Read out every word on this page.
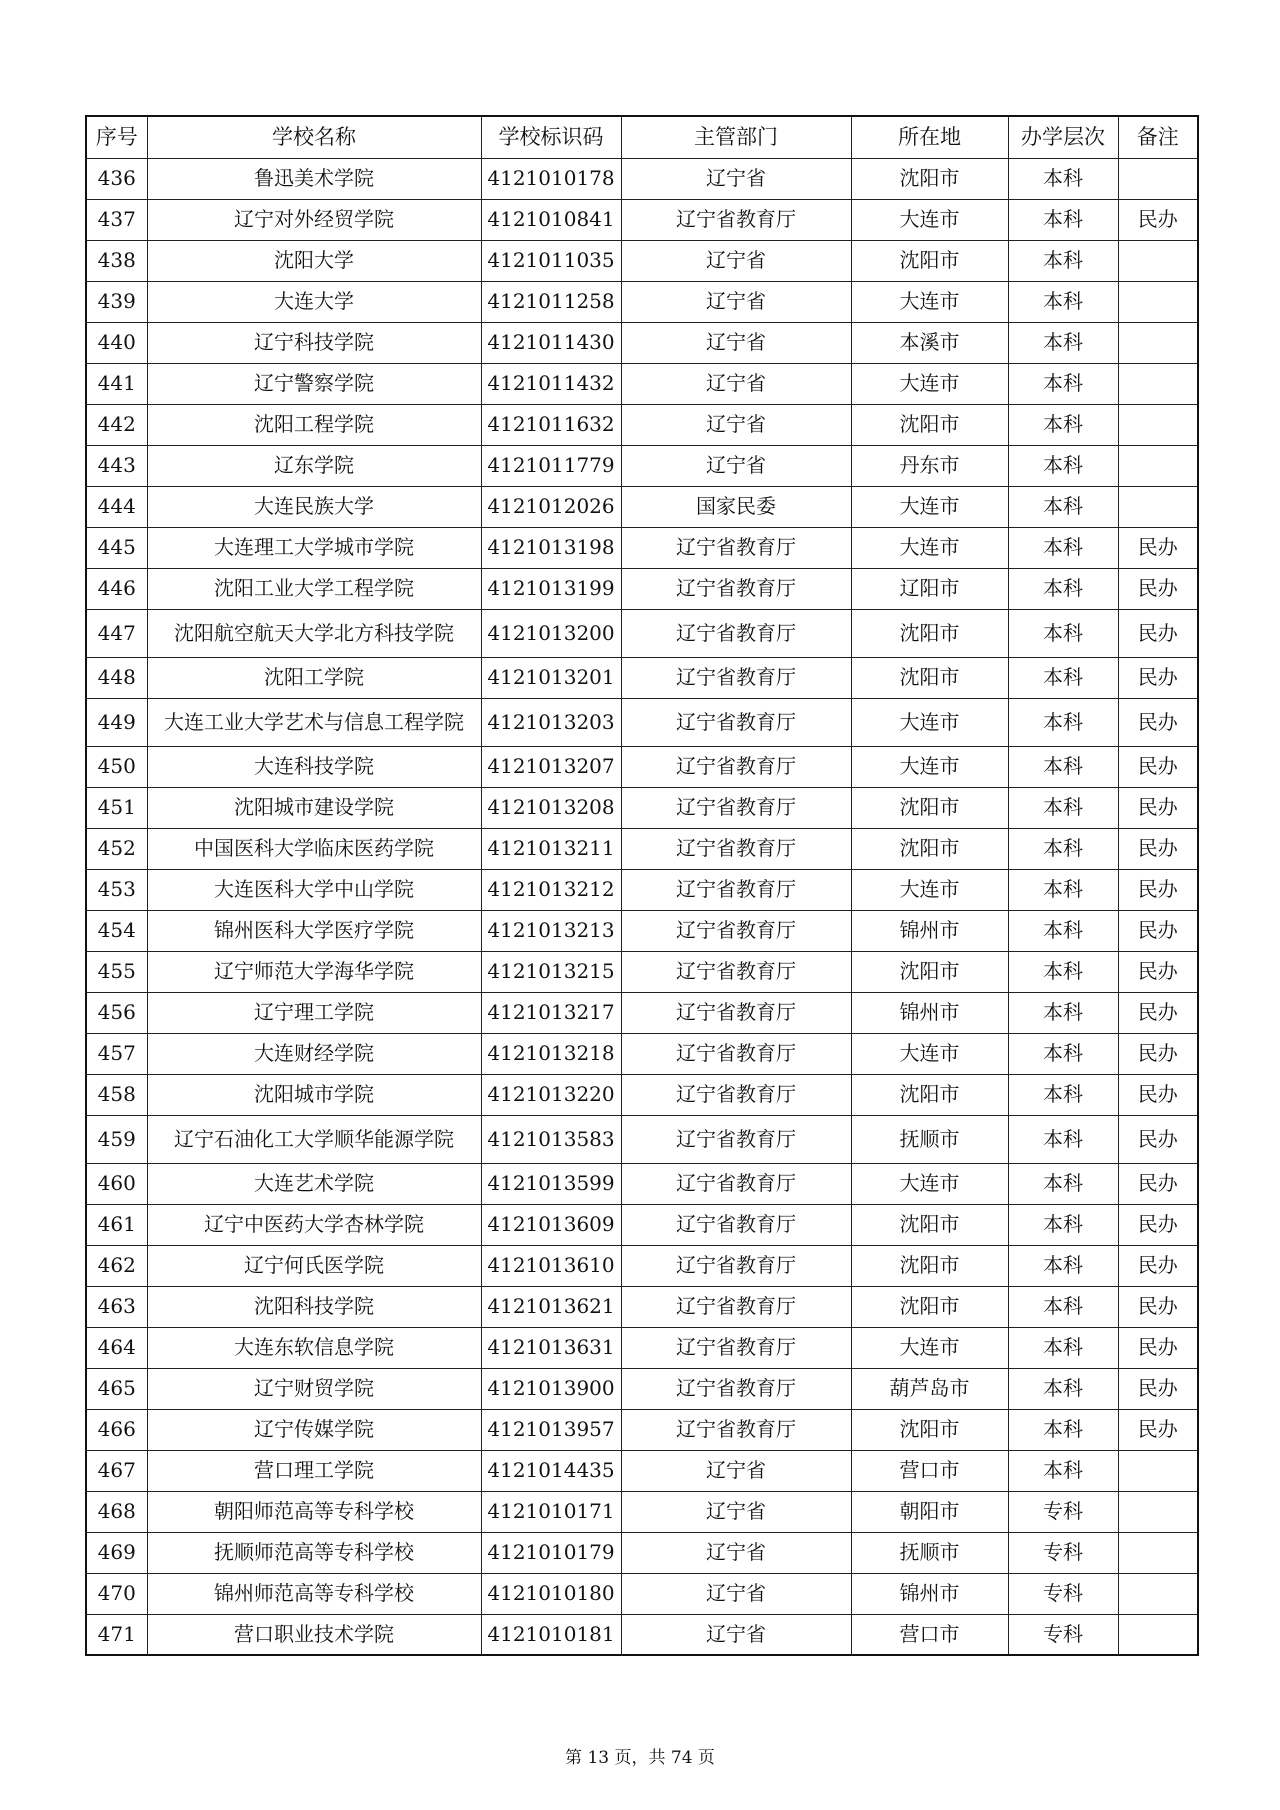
序号	学校名称	学校标识码	主管部门	所在地	办学层次	备注
436	鲁迅美术学院	4121010178	辽宁省	沈阳市	本科	
437	辽宁对外经贸学院	4121010841	辽宁省教育厅	大连市	本科	民办
438	沈阳大学	4121011035	辽宁省	沈阳市	本科	
439	大连大学	4121011258	辽宁省	大连市	本科	
440	辽宁科技学院	4121011430	辽宁省	本溪市	本科	
441	辽宁警察学院	4121011432	辽宁省	大连市	本科	
442	沈阳工程学院	4121011632	辽宁省	沈阳市	本科	
443	辽东学院	4121011779	辽宁省	丹东市	本科	
444	大连民族大学	4121012026	国家民委	大连市	本科	
445	大连理工大学城市学院	4121013198	辽宁省教育厅	大连市	本科	民办
446	沈阳工业大学工程学院	4121013199	辽宁省教育厅	辽阳市	本科	民办
447	沈阳航空航天大学北方科技学院	4121013200	辽宁省教育厅	沈阳市	本科	民办
448	沈阳工学院	4121013201	辽宁省教育厅	沈阳市	本科	民办
449	大连工业大学艺术与信息工程学院	4121013203	辽宁省教育厅	大连市	本科	民办
450	大连科技学院	4121013207	辽宁省教育厅	大连市	本科	民办
451	沈阳城市建设学院	4121013208	辽宁省教育厅	沈阳市	本科	民办
452	中国医科大学临床医药学院	4121013211	辽宁省教育厅	沈阳市	本科	民办
453	大连医科大学中山学院	4121013212	辽宁省教育厅	大连市	本科	民办
454	锦州医科大学医疗学院	4121013213	辽宁省教育厅	锦州市	本科	民办
455	辽宁师范大学海华学院	4121013215	辽宁省教育厅	沈阳市	本科	民办
456	辽宁理工学院	4121013217	辽宁省教育厅	锦州市	本科	民办
457	大连财经学院	4121013218	辽宁省教育厅	大连市	本科	民办
458	沈阳城市学院	4121013220	辽宁省教育厅	沈阳市	本科	民办
459	辽宁石油化工大学顺华能源学院	4121013583	辽宁省教育厅	抚顺市	本科	民办
460	大连艺术学院	4121013599	辽宁省教育厅	大连市	本科	民办
461	辽宁中医药大学杏林学院	4121013609	辽宁省教育厅	沈阳市	本科	民办
462	辽宁何氏医学院	4121013610	辽宁省教育厅	沈阳市	本科	民办
463	沈阳科技学院	4121013621	辽宁省教育厅	沈阳市	本科	民办
464	大连东软信息学院	4121013631	辽宁省教育厅	大连市	本科	民办
465	辽宁财贸学院	4121013900	辽宁省教育厅	葫芦岛市	本科	民办
466	辽宁传媒学院	4121013957	辽宁省教育厅	沈阳市	本科	民办
467	营口理工学院	4121014435	辽宁省	营口市	本科	
468	朝阳师范高等专科学校	4121010171	辽宁省	朝阳市	专科	
469	抚顺师范高等专科学校	4121010179	辽宁省	抚顺市	专科	
470	锦州师范高等专科学校	4121010180	辽宁省	锦州市	专科	
471	营口职业技术学院	4121010181	辽宁省	营口市	专科	
第 13 页，共 74 页
